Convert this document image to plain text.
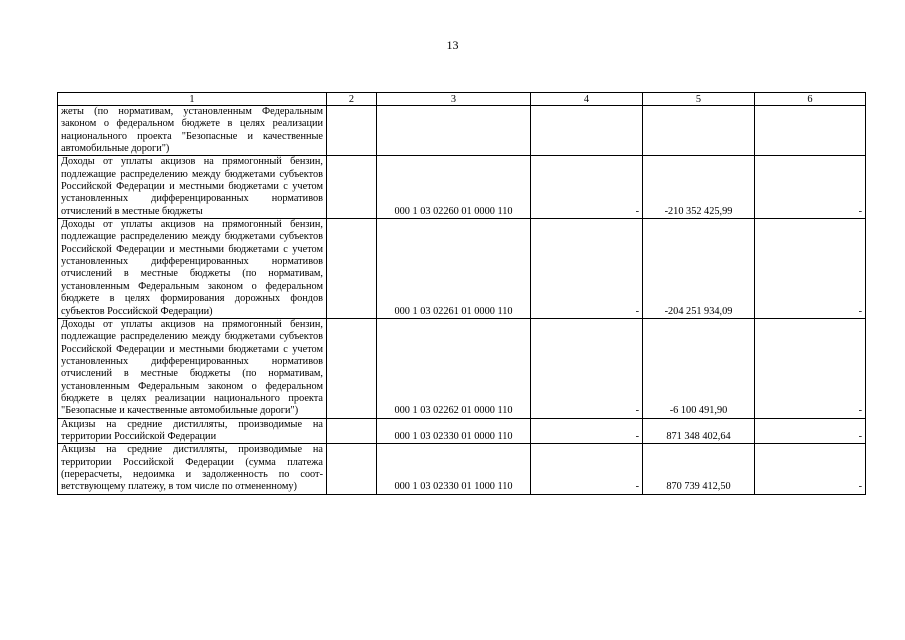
13
1	2	3	4	5	6
жеты (по нормативам, установленным Федеральным законом о федеральном бюджете в целях реализации национального проекта "Безопасные и качественные автомобильные дороги")					
Доходы от уплаты акцизов на прямогонный бензин, подлежащие распределению между бюджетами субъектов Российской Федерации и местными бюджетами с учетом установленных дифференцированных нормативов отчислений в местные бюджеты		000 1 03 02260 01 0000 110	-	-210 352 425,99	-
Доходы от уплаты акцизов на прямогонный бензин, подлежащие распределению между бюджетами субъектов Российской Федерации и местными бюджетами с учетом установленных дифференцированных нормативов отчислений в местные бюджеты (по нормативам, установленным Федеральным законом о федеральном бюджете в целях формирования дорожных фондов субъектов Российской Федерации)		000 1 03 02261 01 0000 110	-	-204 251 934,09	-
Доходы от уплаты акцизов на прямогонный бензин, подлежащие распределению между бюджетами субъектов Российской Федерации и местными бюджетами с учетом установленных дифференцированных нормативов отчислений в местные бюджеты (по нормативам, установленным Федеральным законом о федеральном бюджете в целях реализации национального проекта "Безопасные и качественные автомобильные дороги")		000 1 03 02262 01 0000 110	-	-6 100 491,90	-
Акцизы на средние дистилляты, производимые на территории Российской Федерации		000 1 03 02330 01 0000 110	-	871 348 402,64	-
Акцизы на средние дистилляты, производимые на территории Российской Федерации (сумма платежа (перерасчеты, недоимка и задолженность по соответствующему платежу, в том числе по отмененному)		000 1 03 02330 01 1000 110	-	870 739 412,50	-
